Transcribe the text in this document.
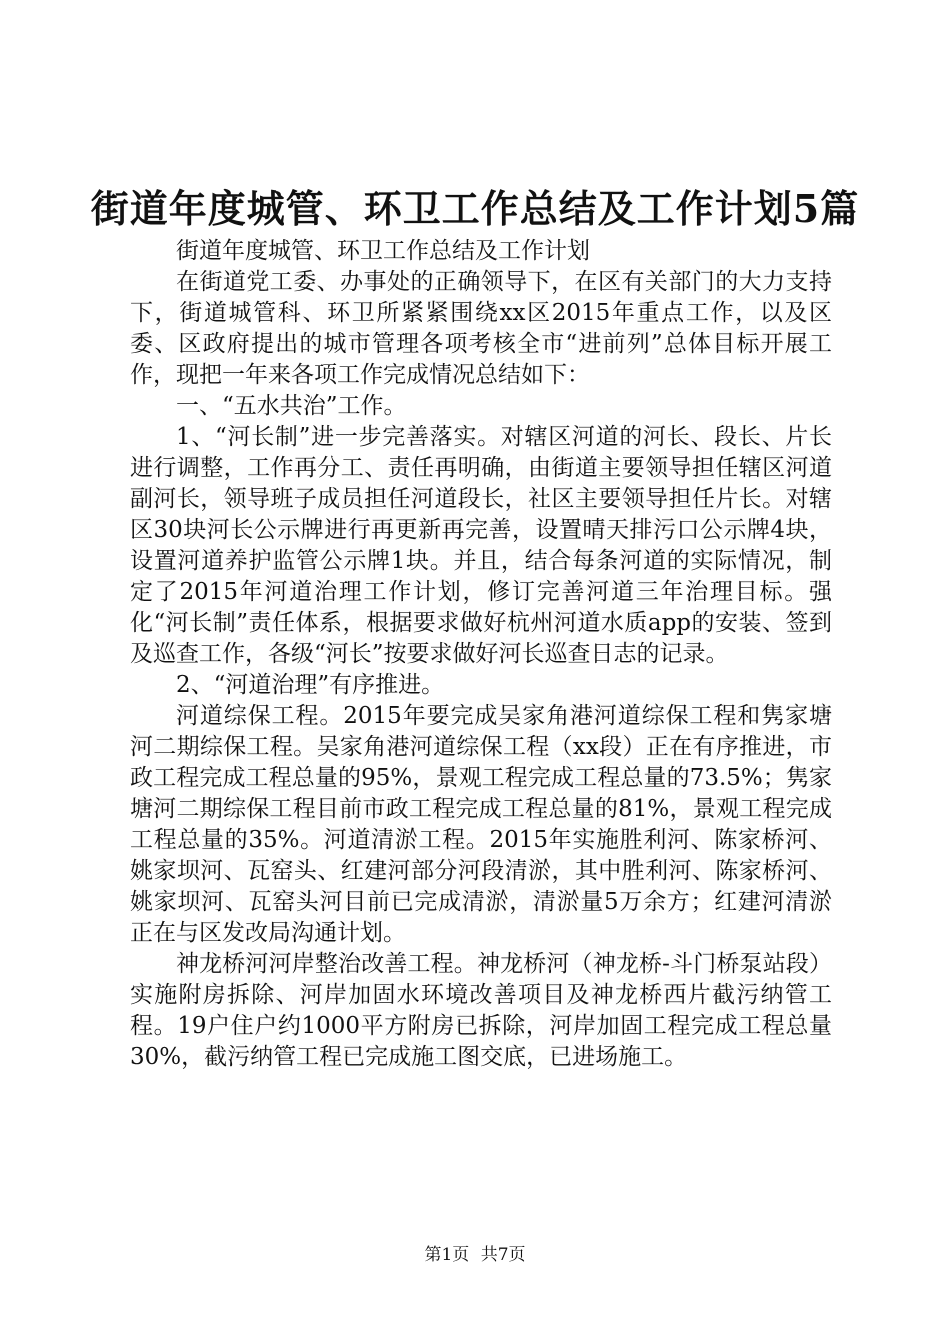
街道年度城管、环卫工作总结及工作计划5篇

街道年度城管、环卫工作总结及工作计划

在街道党工委、办事处的正确领导下，在区有关部门的大力支持下，街道城管科、环卫所紧紧围绕xx区2015年重点工作，以及区委、区政府提出的城市管理各项考核全市“进前列”总体目标开展工作，现把一年来各项工作完成情况总结如下：

一、“五水共治”工作。

1、“河长制”进一步完善落实。对辖区河道的河长、段长、片长进行调整，工作再分工、责任再明确，由街道主要领导担任辖区河道副河长，领导班子成员担任河道段长，社区主要领导担任片长。对辖区30块河长公示牌进行再更新再完善，设置晴天排污口公示牌4块，设置河道养护监管公示牌1块。并且，结合每条河道的实际情况，制定了2015年河道治理工作计划，修订完善河道三年治理目标。强化“河长制”责任体系，根据要求做好杭州河道水质app的安装、签到及巡查工作，各级“河长”按要求做好河长巡查日志的记录。

2、“河道治理”有序推进。

河道综保工程。2015年要完成吴家角港河道综保工程和隽家塘河二期综保工程。吴家角港河道综保工程（xx段）正在有序推进，市政工程完成工程总量的95%，景观工程完成工程总量的73.5%；隽家塘河二期综保工程目前市政工程完成工程总量的81%，景观工程完成工程总量的35%。河道清淤工程。2015年实施胜利河、陈家桥河、姚家坝河、瓦窑头、红建河部分河段清淤，其中胜利河、陈家桥河、姚家坝河、瓦窑头河目前已完成清淤，清淤量5万余方；红建河清淤正在与区发改局沟通计划。

神龙桥河河岸整治改善工程。神龙桥河（神龙桥-斗门桥泵站段）实施附房拆除、河岸加固水环境改善项目及神龙桥西片截污纳管工程。19户住户约1000平方附房已拆除，河岸加固工程完成工程总量30%，截污纳管工程已完成施工图交底，已进场施工。

第1页 共7页
